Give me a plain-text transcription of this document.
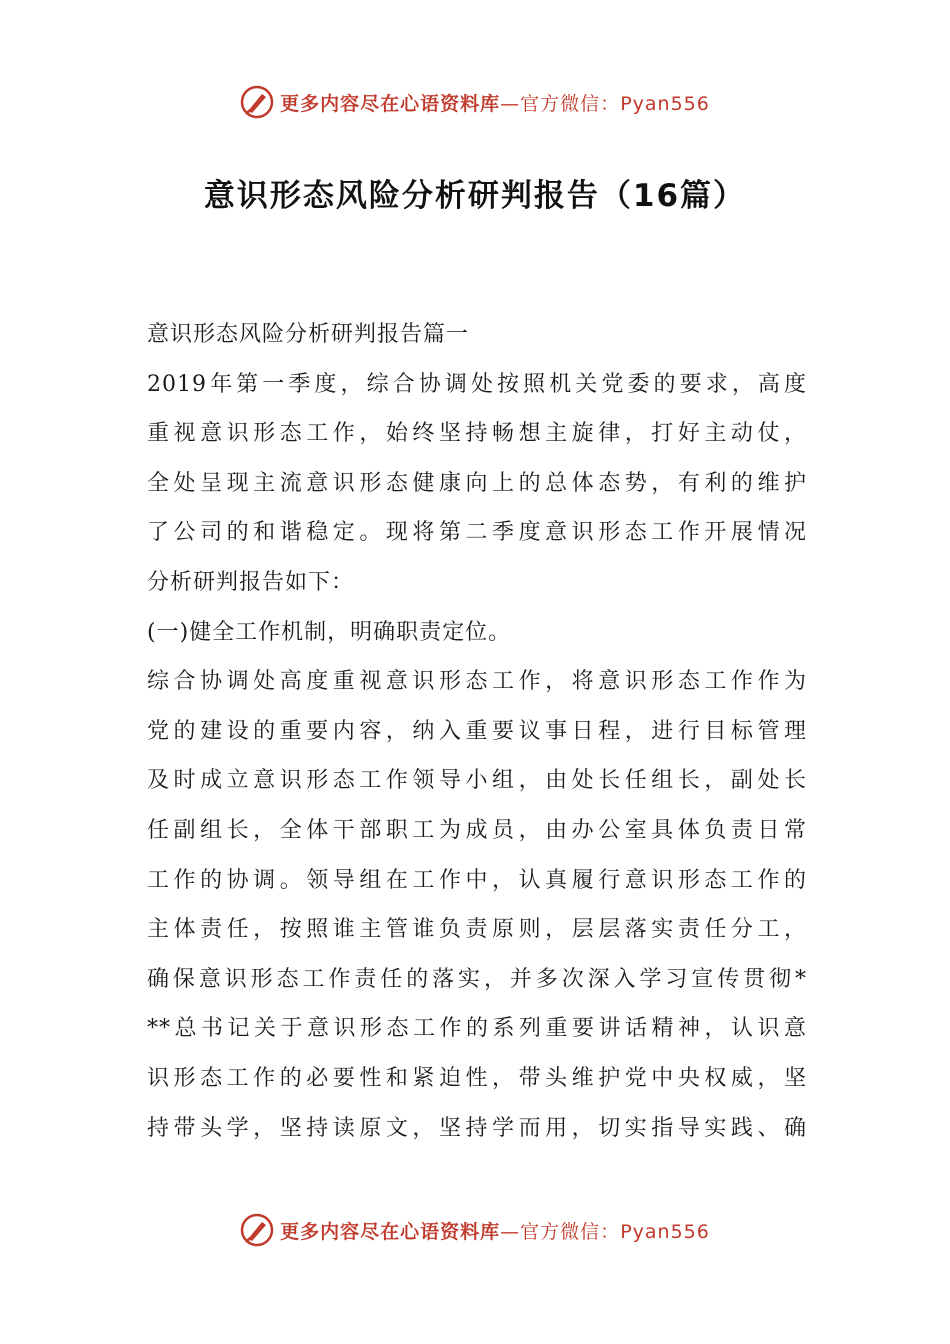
更多内容尽在心语资料库—官方微信：Pyan556
意识形态风险分析研判报告（16篇）
意识形态风险分析研判报告篇一
2019年第一季度，综合协调处按照机关党委的要求，高度
重视意识形态工作，始终坚持畅想主旋律，打好主动仗，
全处呈现主流意识形态健康向上的总体态势，有利的维护
了公司的和谐稳定。现将第二季度意识形态工作开展情况
分析研判报告如下：
(一)健全工作机制，明确职责定位。
综合协调处高度重视意识形态工作，将意识形态工作作为
党的建设的重要内容，纳入重要议事日程，进行目标管理
及时成立意识形态工作领导小组，由处长任组长，副处长
任副组长，全体干部职工为成员，由办公室具体负责日常
工作的协调。领导组在工作中，认真履行意识形态工作的
主体责任，按照谁主管谁负责原则，层层落实责任分工，
确保意识形态工作责任的落实，并多次深入学习宣传贯彻*
**总书记关于意识形态工作的系列重要讲话精神，认识意
识形态工作的必要性和紧迫性，带头维护党中央权威，坚
持带头学，坚持读原文，坚持学而用，切实指导实践、确
更多内容尽在心语资料库—官方微信：Pyan556
